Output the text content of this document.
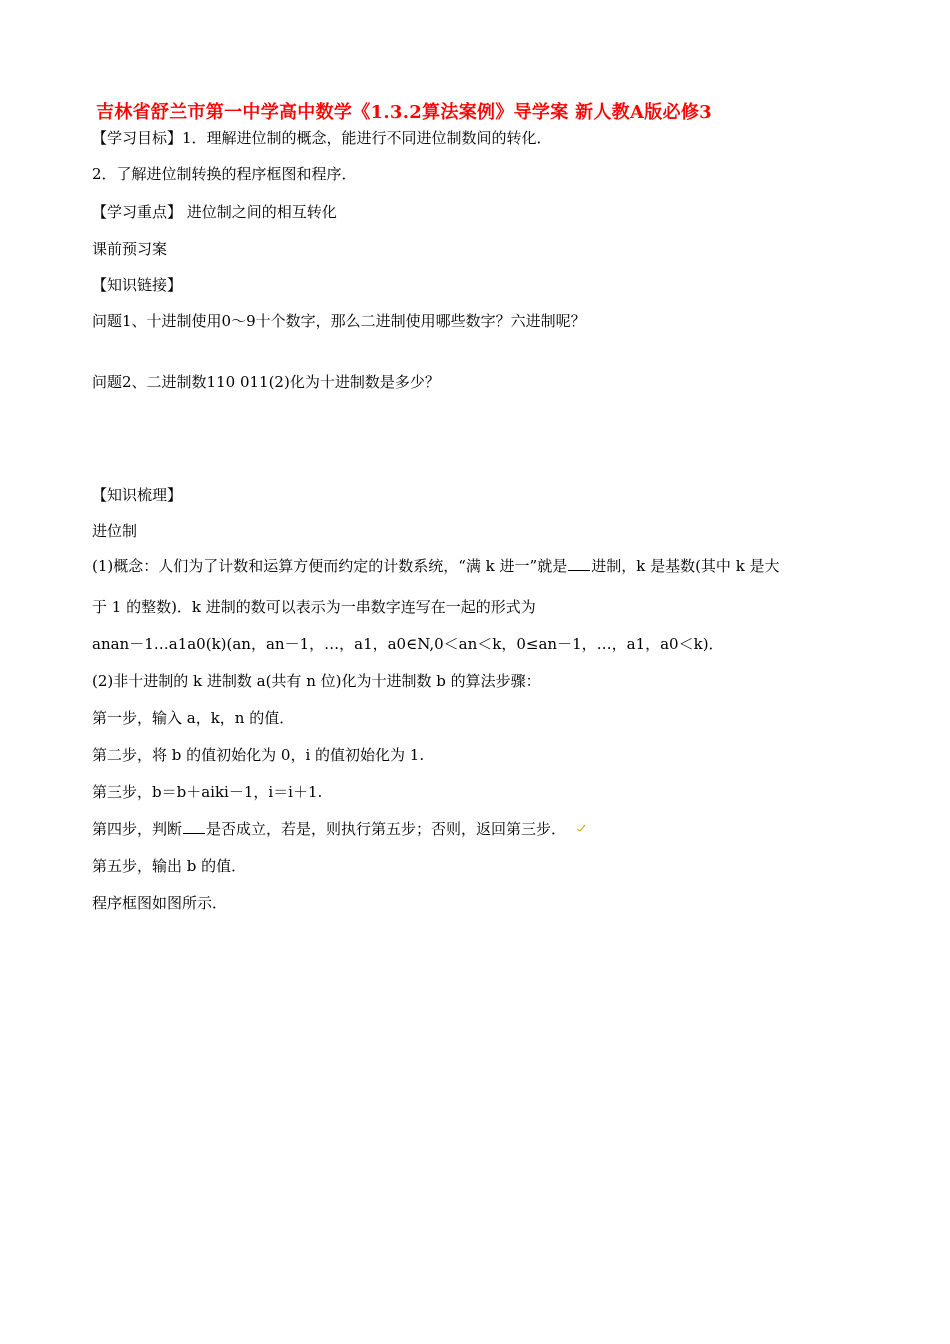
吉林省舒兰市第一中学高中数学《1.3.2算法案例》导学案 新人教A版必修3
【学习目标】1．理解进位制的概念，能进行不同进位制数间的转化．
2．了解进位制转换的程序框图和程序．
【学习重点】 进位制之间的相互转化
课前预习案
【知识链接】
问题1、十进制使用0～9十个数字，那么二进制使用哪些数字？六进制呢？
问题2、二进制数110 011(2)化为十进制数是多少？
【知识梳理】
进位制
(1)概念：人们为了计数和运算方便而约定的计数系统，“满 k 进一”就是 进制，k 是基数(其中 k 是大
于 1 的整数)．k 进制的数可以表示为一串数字连写在一起的形式为
anan－1…a1a0(k)(an，an－1，…，a1，a0∈N,0＜an＜k，0≤an－1，…，a1，a0＜k)．
(2)非十进制的 k 进制数 a(共有 n 位)化为十进制数 b 的算法步骤：
第一步，输入 a，k，n 的值．
第二步，将 b 的值初始化为 0，i 的值初始化为 1.
第三步，b＝b＋aiki－1，i＝i＋1.
第四步，判断 是否成立，若是，则执行第五步；否则，返回第三步．
第五步，输出 b 的值．
程序框图如图所示．
